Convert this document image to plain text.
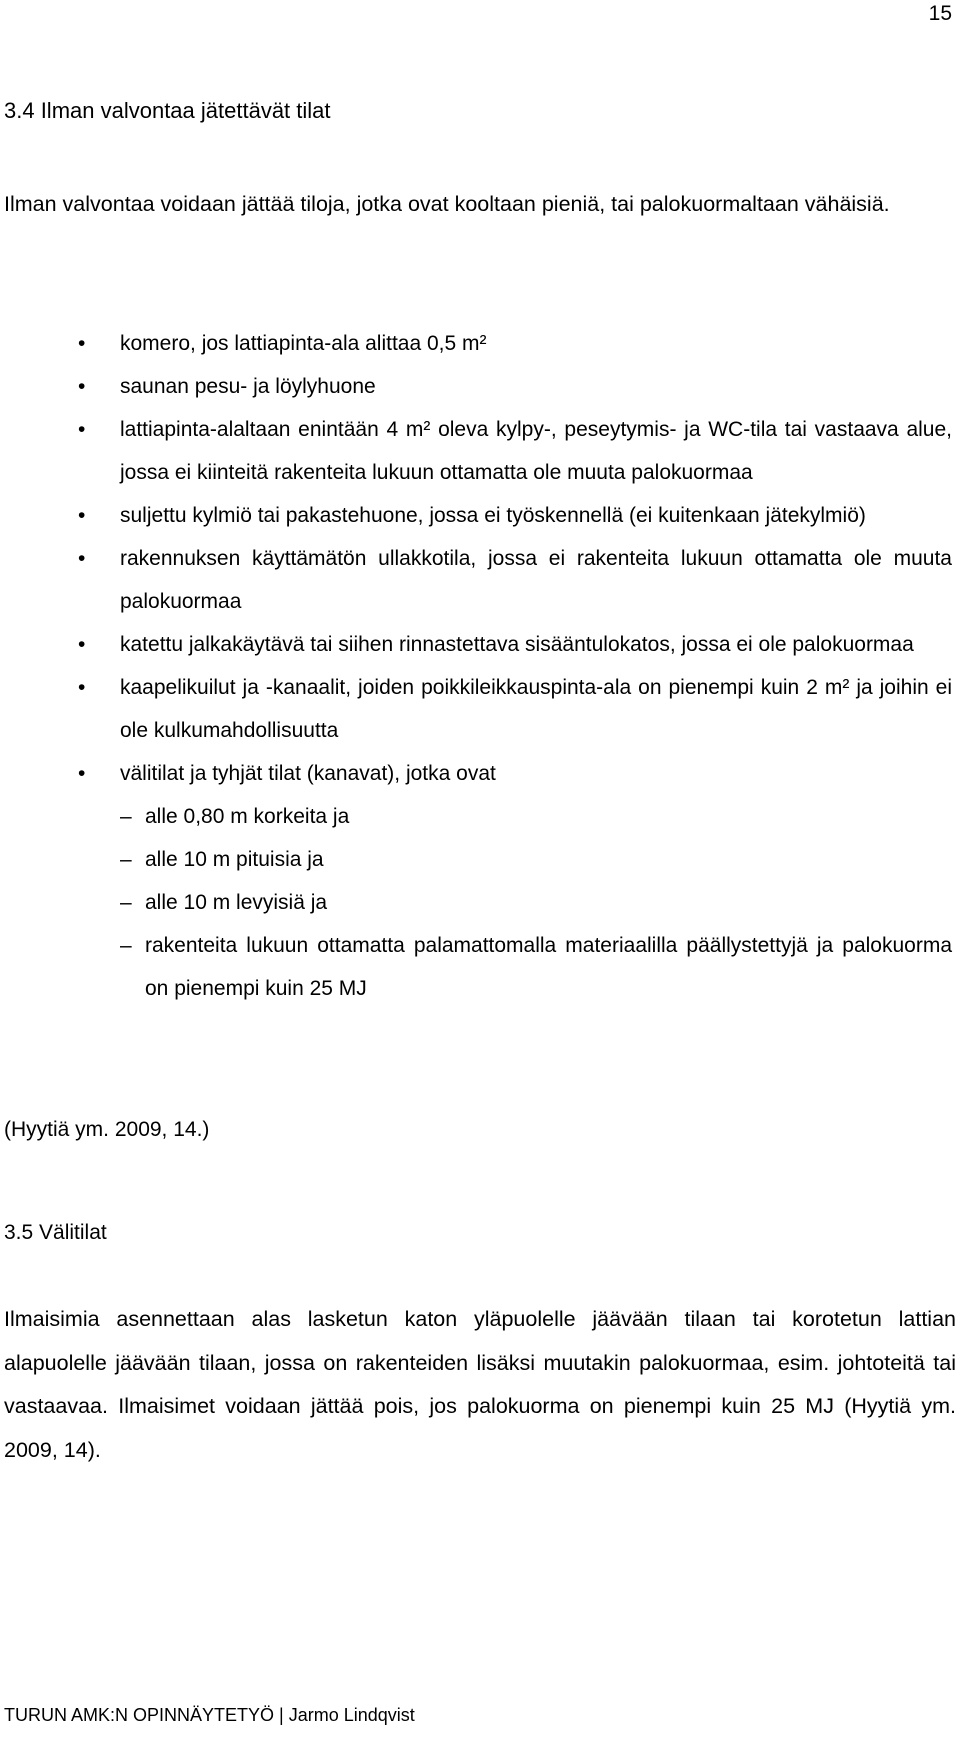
15
3.4 Ilman valvontaa jätettävät tilat
Ilman valvontaa voidaan jättää tiloja, jotka ovat kooltaan pieniä, tai palokuormaltaan vähäisiä.
• komero, jos lattiapinta-ala alittaa 0,5 m²
• saunan pesu- ja löylyhuone
• lattiapinta-alaltaan enintään 4 m² oleva kylpy-, peseytymis- ja WC-tila tai vastaava alue, jossa ei kiinteitä rakenteita lukuun ottamatta ole muuta palokuormaa
• suljettu kylmiö tai pakastehuone, jossa ei työskennellä (ei kuitenkaan jätekylmiö)
• rakennuksen käyttämätön ullakkotila, jossa ei rakenteita lukuun ottamatta ole muuta palokuormaa
• katettu jalkakäytävä tai siihen rinnastettava sisääntulokatos, jossa ei ole palokuormaa
• kaapelikuilut ja -kanaalit, joiden poikkileikkauspinta-ala on pienempi kuin 2 m² ja joihin ei ole kulkumahdollisuutta
• välitilat ja tyhjät tilat (kanavat), jotka ovat
– alle 0,80 m korkeita ja
– alle 10 m pituisia ja
– alle 10 m levyisiä ja
– rakenteita lukuun ottamatta palamattomalla materiaalilla päällystettyjä ja palokuorma on pienempi kuin 25 MJ
(Hyytiä ym. 2009, 14.)
3.5 Välitilat
Ilmaisimia asennettaan alas lasketun katon yläpuolelle jäävään tilaan tai korotetun lattian alapuolelle jäävään tilaan, jossa on rakenteiden lisäksi muutakin palokuormaa, esim. johtoteitä tai vastaavaa. Ilmaisimet voidaan jättää pois, jos palokuorma on pienempi kuin 25 MJ (Hyytiä ym. 2009, 14).
TURUN AMK:N OPINNÄYTETYÖ | Jarmo Lindqvist
